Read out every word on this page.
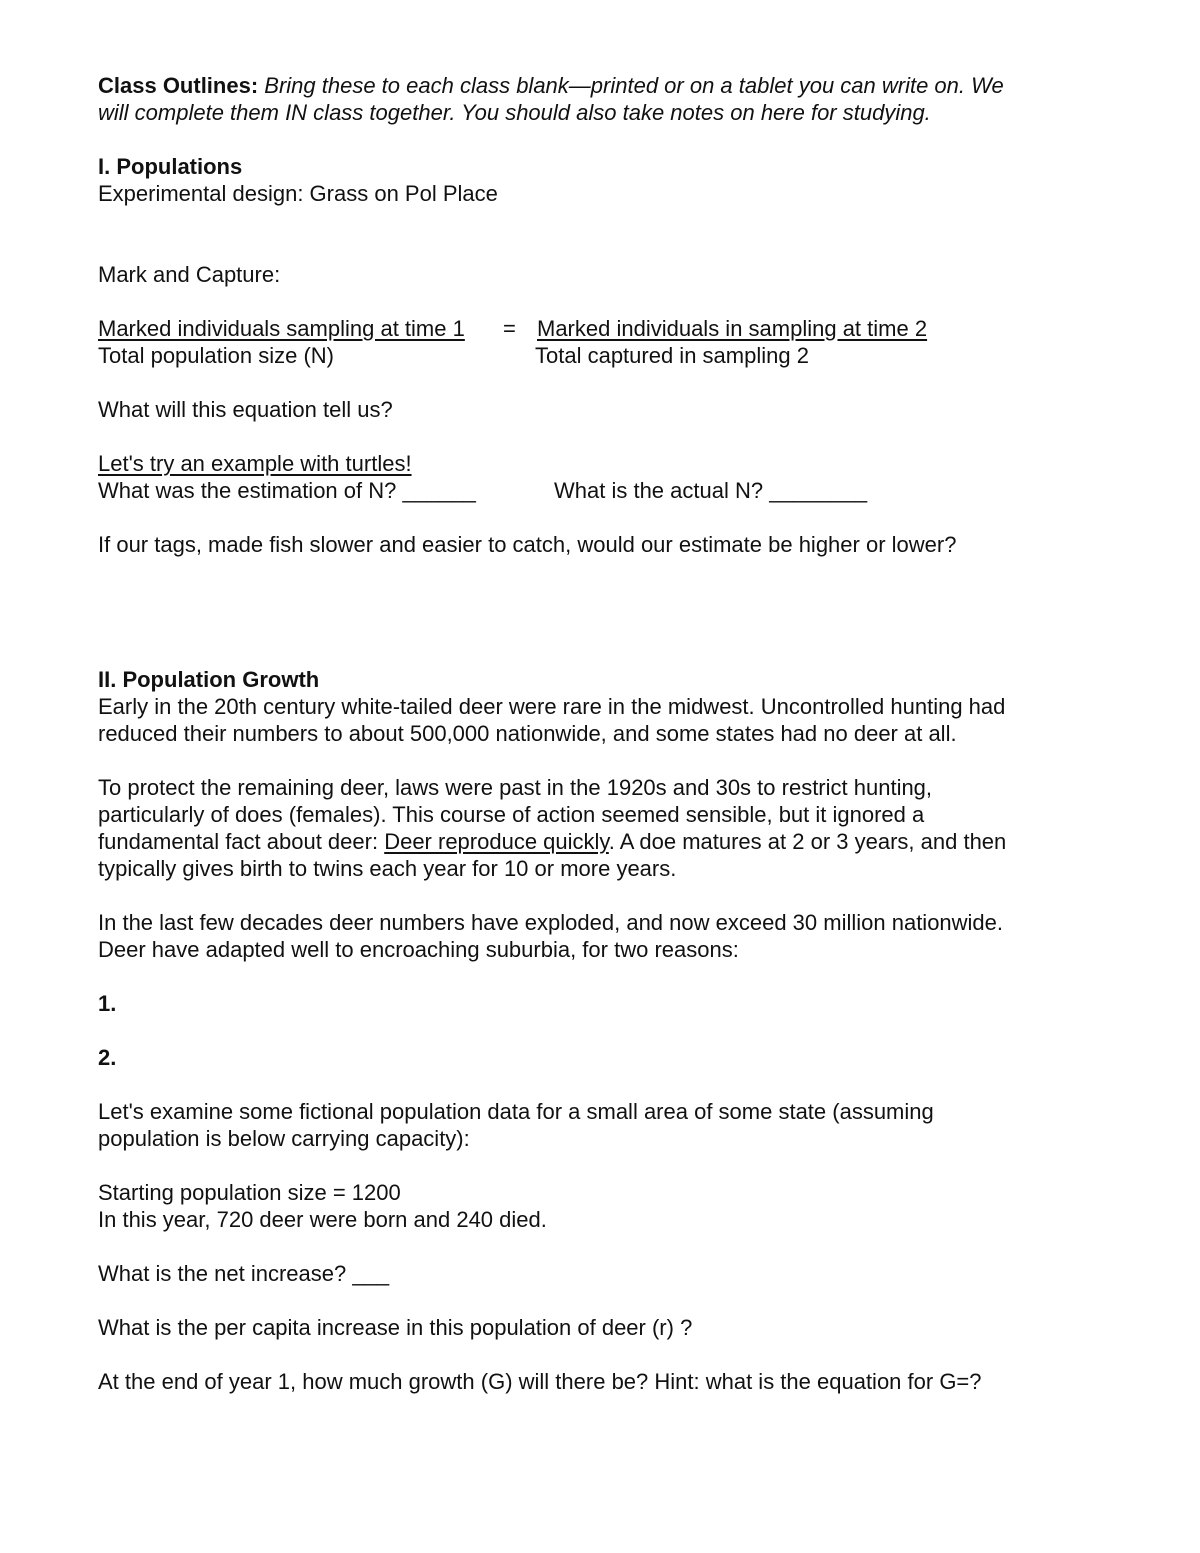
Class Outlines: Bring these to each class blank—printed or on a tablet you can write on. We

will complete them IN class together. You should also take notes on here for studying.

I. Populations

Experimental design: Grass on Pol Place

Mark and Capture:

Marked individuals sampling at time 1 = Marked individuals in sampling at time 2
Total population size (N)	Total captured in sampling 2

What will this equation tell us?

Let's try an example with turtles!

What was the estimation of N? ______	What is the actual N? ________

If our tags, made fish slower and easier to catch, would our estimate be higher or lower?

II. Population Growth

Early in the 20th century white-tailed deer were rare in the midwest. Uncontrolled hunting had

reduced their numbers to about 500,000 nationwide, and some states had no deer at all.

To protect the remaining deer, laws were past in the 1920s and 30s to restrict hunting,

particularly of does (females). This course of action seemed sensible, but it ignored a

fundamental fact about deer: Deer reproduce quickly. A doe matures at 2 or 3 years, and then

typically gives birth to twins each year for 10 or more years.

In the last few decades deer numbers have exploded, and now exceed 30 million nationwide.

Deer have adapted well to encroaching suburbia, for two reasons:

1.

2.

Let's examine some fictional population data for a small area of some state (assuming

population is below carrying capacity):

Starting population size = 1200

In this year, 720 deer were born and 240 died.

What is the net increase? ___

What is the per capita increase in this population of deer (r) ?

At the end of year 1, how much growth (G) will there be? Hint: what is the equation for G=?
